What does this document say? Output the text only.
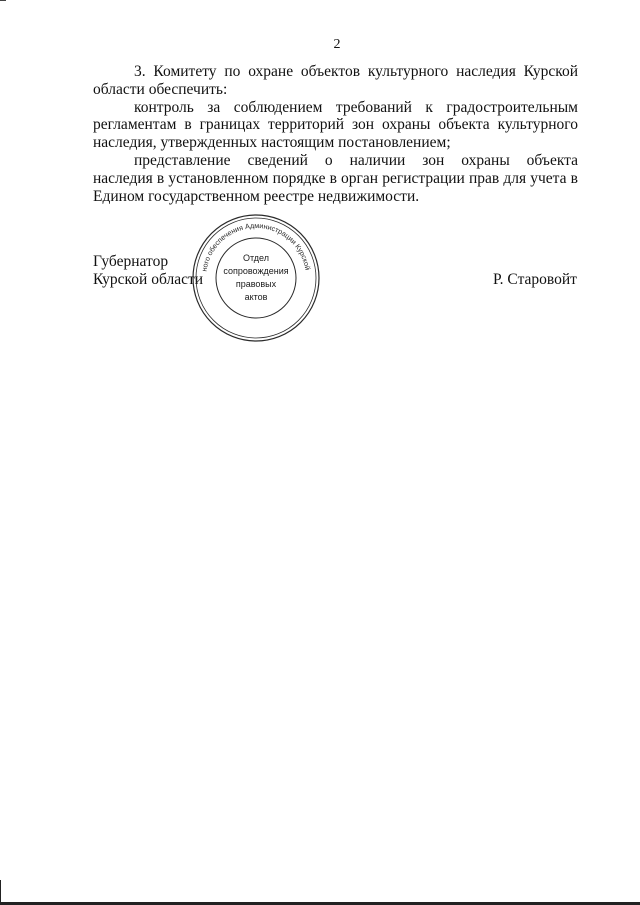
2
3. Комитету по охране объектов культурного наследия Курской
области обеспечить:
контроль за соблюдением требований к градостроительным
регламентам в границах территорий зон охраны объекта культурного
наследия, утвержденных настоящим постановлением;
представление сведений о наличии зон охраны объекта
наследия в установленном порядке в орган регистрации прав для учета в
Едином государственном реестре недвижимости.
Губернатор
Курской области	Р. Старовойт
ного обеспечения Администрации Курской
Отдел
сопровождения
правовых
актов
